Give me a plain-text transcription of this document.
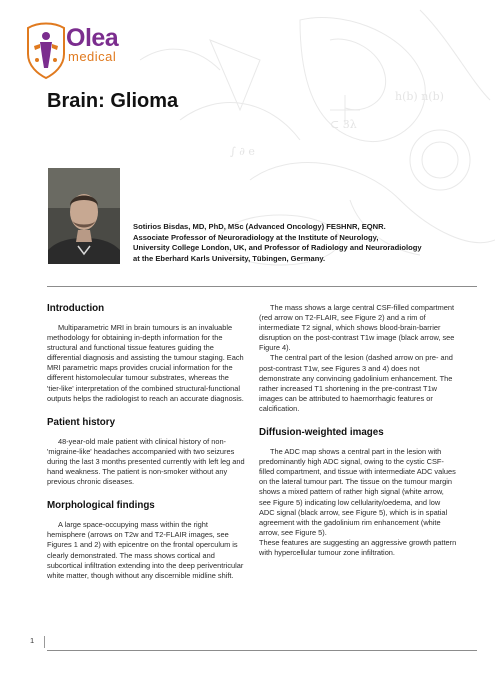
h(b) n(b)
⊂ 3λ
∫ ∂ e
Olea
medical
Brain: Glioma
Sotirios Bisdas, MD, PhD, MSc (Advanced Oncology) FESHNR, EQNR.
Associate Professor of Neuroradiology at the Institute of Neurology,
University College London, UK, and Professor of Radiology and Neuroradiology
at the Eberhard Karls University, Tübingen, Germany.
Introduction

Multiparametric MRI in brain tumours is an invaluable methodology for obtaining in-depth information for the structural and functional tissue features guiding the differential diagnosis and assisting the tumour staging. Each MRI parametric maps provides crucial information for the different histomolecular tumour substrates, whereas the 'tier-like' interpretation of the combined structural-functional outputs helps the radiologist to reach an accurate diagnosis.

Patient history

48-year-old male patient with clinical history of non- 'migraine-like' headaches accompanied with two seizures during the last 3 months presented currently with left leg and hand weakness. The patient is non-smoker without any previous chronic diseases.

Morphological findings

A large space-occupying mass within the right hemisphere (arrows on T2w and T2-FLAIR images, see Figures 1 and 2) with epicentre on the frontal operculum is clearly demonstrated. The mass shows cortical and subcortical infiltration extending into the deep periventricular white matter, though without any discernible midline shift.

The mass shows a large central CSF-filled compartment (red arrow on T2-FLAIR, see Figure 2) and a rim of intermediate T2 signal, which shows blood-brain-barrier disruption on the post-contrast T1w image (black arrow, see Figure 4).

The central part of the lesion (dashed arrow on pre- and post-contrast T1w, see Figures 3 and 4) does not demonstrate any convincing gadolinium enhancement. The rather increased T1 shortening in the pre-contrast T1w images can be attributed to haemorrhagic features or calcification.

Diffusion-weighted images

The ADC map shows a central part in the lesion with predominantly high ADC signal, owing to the cystic CSF-filled compartment, and tissue with intermediate ADC values on the lateral tumour part. The tissue on the tumour margin shows a mixed pattern of rather high signal (white arrow, see Figure 5) indicating low cellularity/oedema, and low ADC signal (black arrow, see Figure 5), which is in spatial agreement with the gadolinium rim enhancement (white arrow, see Figure 5).

These features are suggesting an aggressive growth pattern with hypercellular tumour zone infiltration.

1
